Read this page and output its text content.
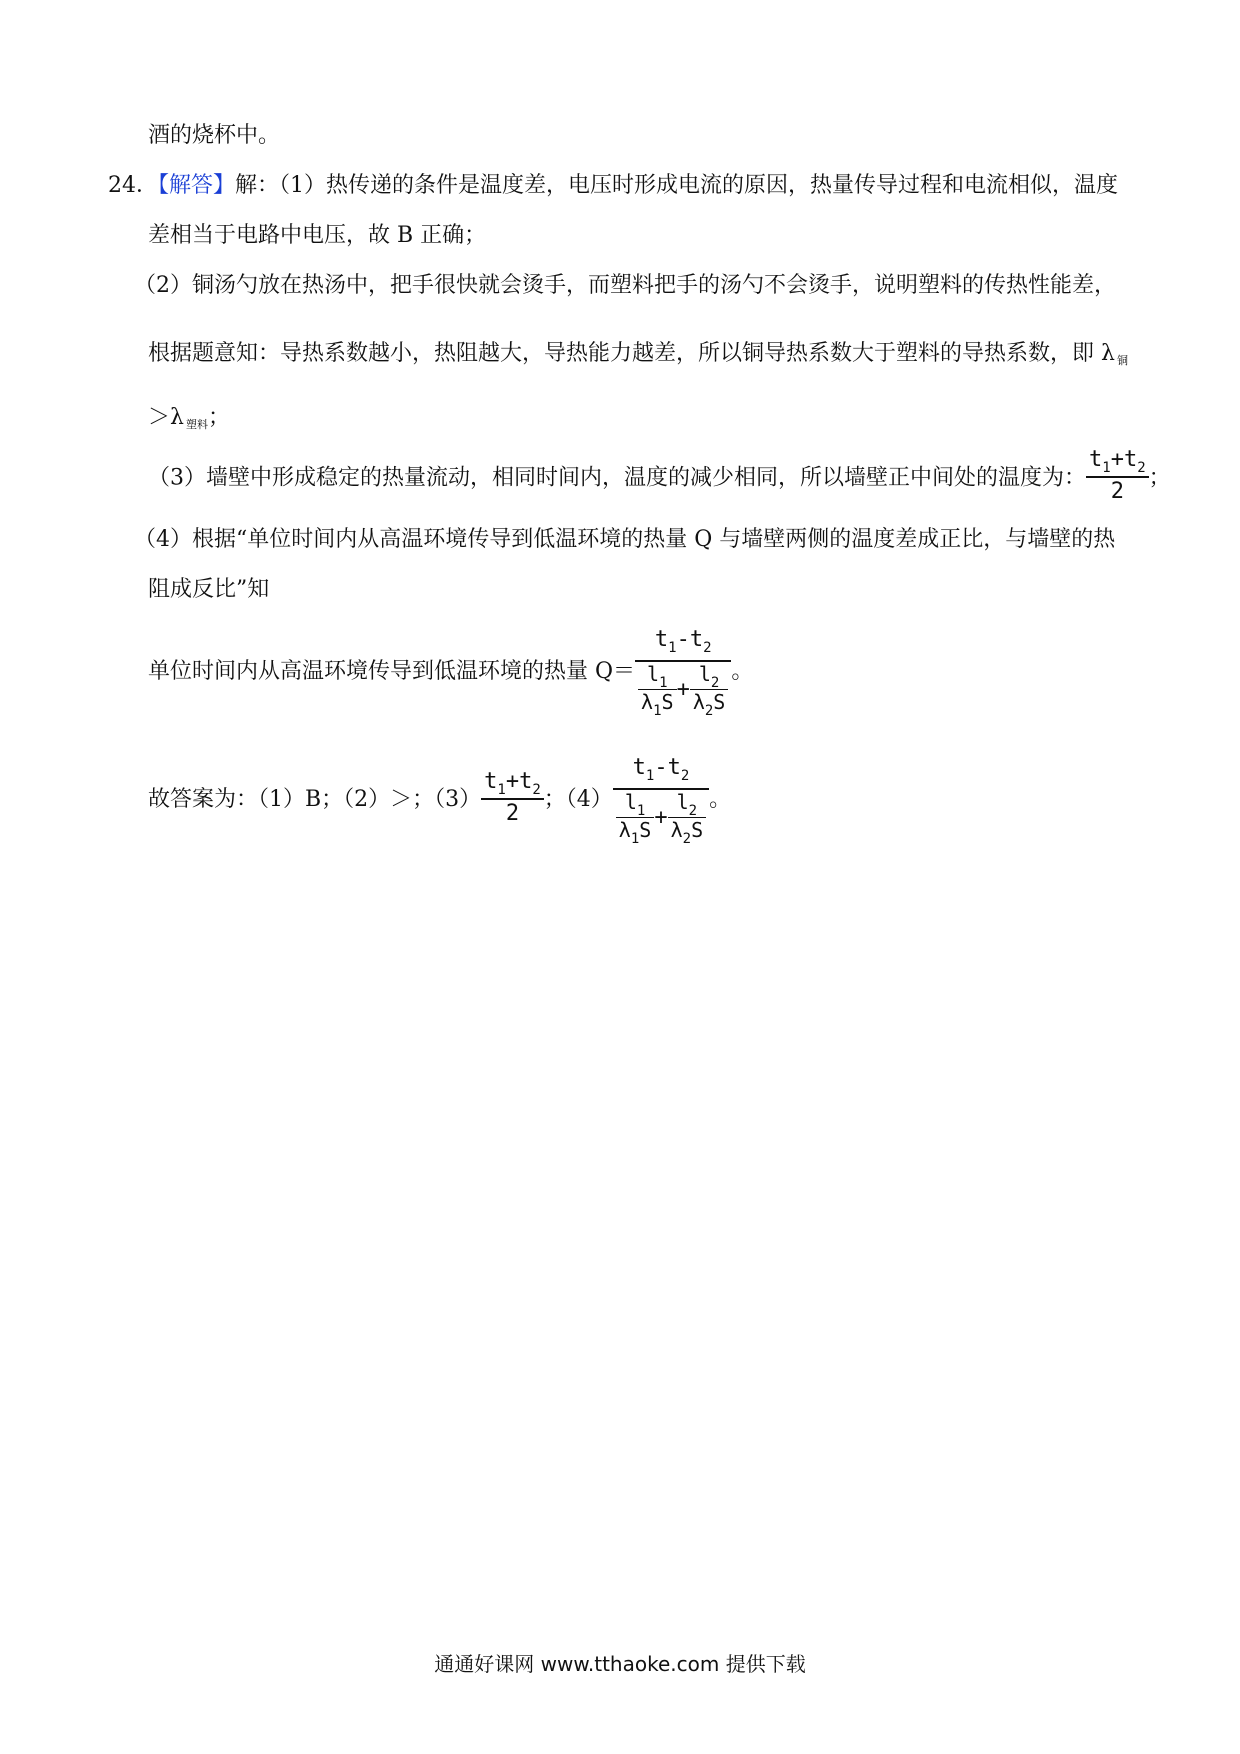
酒的烧杯中。
24．【解答】解：（1）热传递的条件是温度差，电压时形成电流的原因，热量传导过程和电流相似，温度
差相当于电路中电压，故 B 正确；
（2）铜汤勺放在热汤中，把手很快就会烫手，而塑料把手的汤勺不会烫手，说明塑料的传热性能差，
根据题意知：导热系数越小，热阻越大，导热能力越差，所以铜导热系数大于塑料的导热系数，即 λ 铜
＞λ 塑料；
（3）墙壁中形成稳定的热量流动，相同时间内，温度的减少相同，所以墙壁正中间处的温度为： $\frac{t_1+t_2}{2}$ ；
（4）根据“单位时间内从高温环境传导到低温环境的热量 Q 与墙壁两侧的温度差成正比，与墙壁的热
阻成反比”知
单位时间内从高温环境传导到低温环境的热量 $Q= \frac{t_1-t_2}{\frac{l_1}{\lambda_1S} + \frac{l_2}{\lambda_2S}}$ 。
故答案为：（1）B；（2）＞；$(3) \frac{t_1+t_2}{2}$ ；$(4) \frac{t_1-t_2}{\frac{l_1}{\lambda_1S} + \frac{l_2}{\lambda_2S}}$ 。
通通好课网 www.tthaoke.com 提供下载
